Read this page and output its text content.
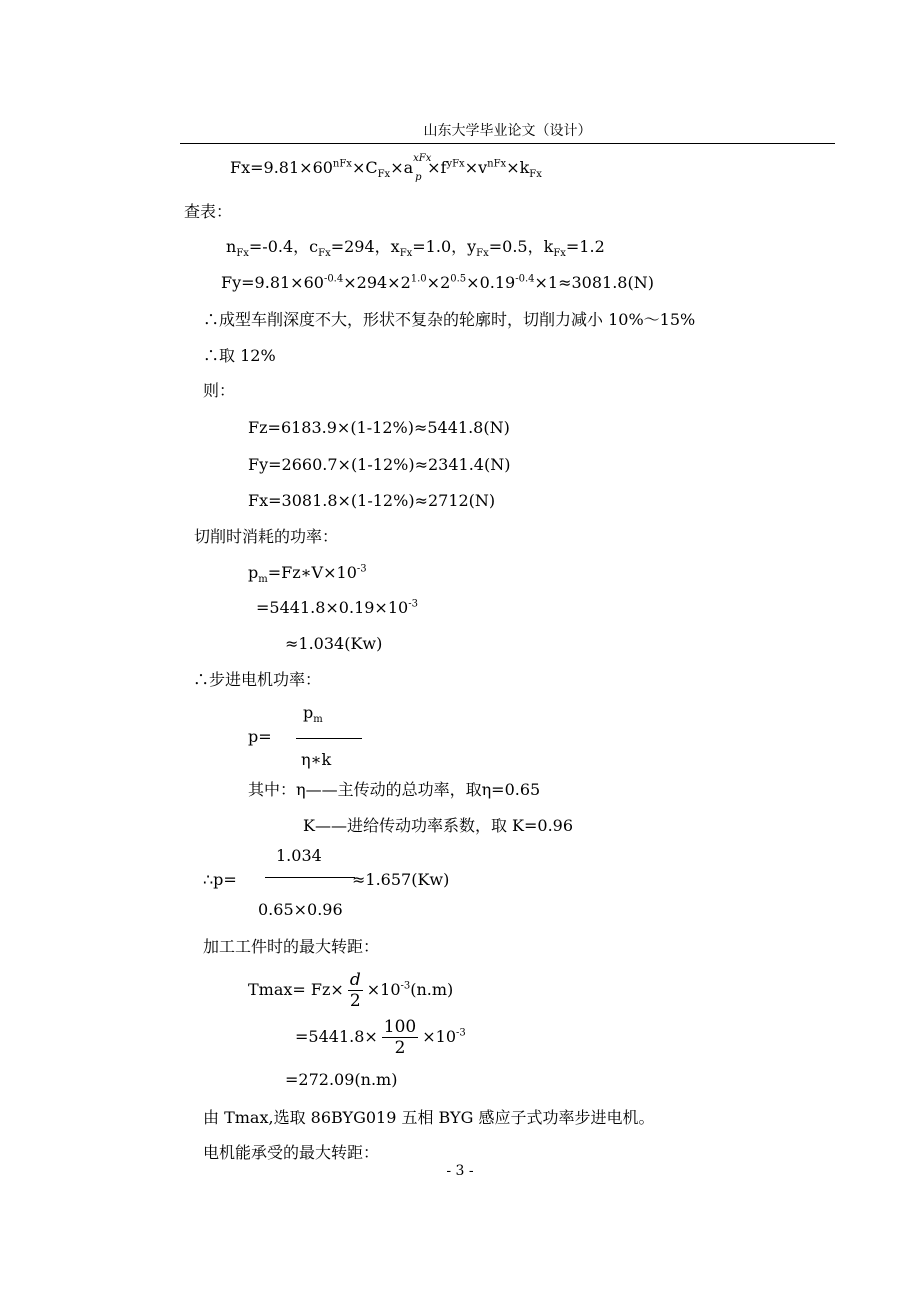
山东大学毕业论文（设计）
$Fx=9.81\times 60^{nFx}\times C_{Fx}\times a$ xFx
$p \times f^{yFx}\times v^{nFx}\times k_{Fx}$
查表：
$n_{Fx}=-0.4$，$c_{Fx}=294$，$x_{Fx}=1.0$，$y_{Fx}=0.5$，$k_{Fx}=1.2$
$Fy=9.81\times 60^{-0.4}\times 294\times 2^{1.0}\times 2^{0.5}\times 0.19^{-0.4}\times 1\approx 3081.8(N)$
∴成型车削深度不大，形状不复杂的轮廓时，切削力减小 10%～15%
∴取 12%
则：
Fz=6183.9×(1-12%)≈5441.8(N)
Fy=2660.7×(1-12%)≈2341.4(N)
Fx=3081.8×(1-12%)≈2712(N)
切削时消耗的功率：
$p_m=Fz∗V\times 10^{-3}$
$=5441.8\times 0.19\times 10^{-3}$
≈1.034(Kw)
∴步进电机功率：
$p_m$
p=
η∗k
其中：η——主传动的总功率，取η=0.65
K——进给传动功率系数，取 K=0.96
1.034
∴p=	≈1.657(Kw)
0.65×0.96
加工工件时的最大转距：
$Tmax= Fz\times \frac{d}{2} \times 10^{-3}(n.m)$
$=5441.8\times \frac{100}{2} \times 10^{-3}$
=272.09(n.m)
由 Tmax,选取 86BYG019 五相 BYG 感应子式功率步进电机。
电机能承受的最大转距：
- 3 -
